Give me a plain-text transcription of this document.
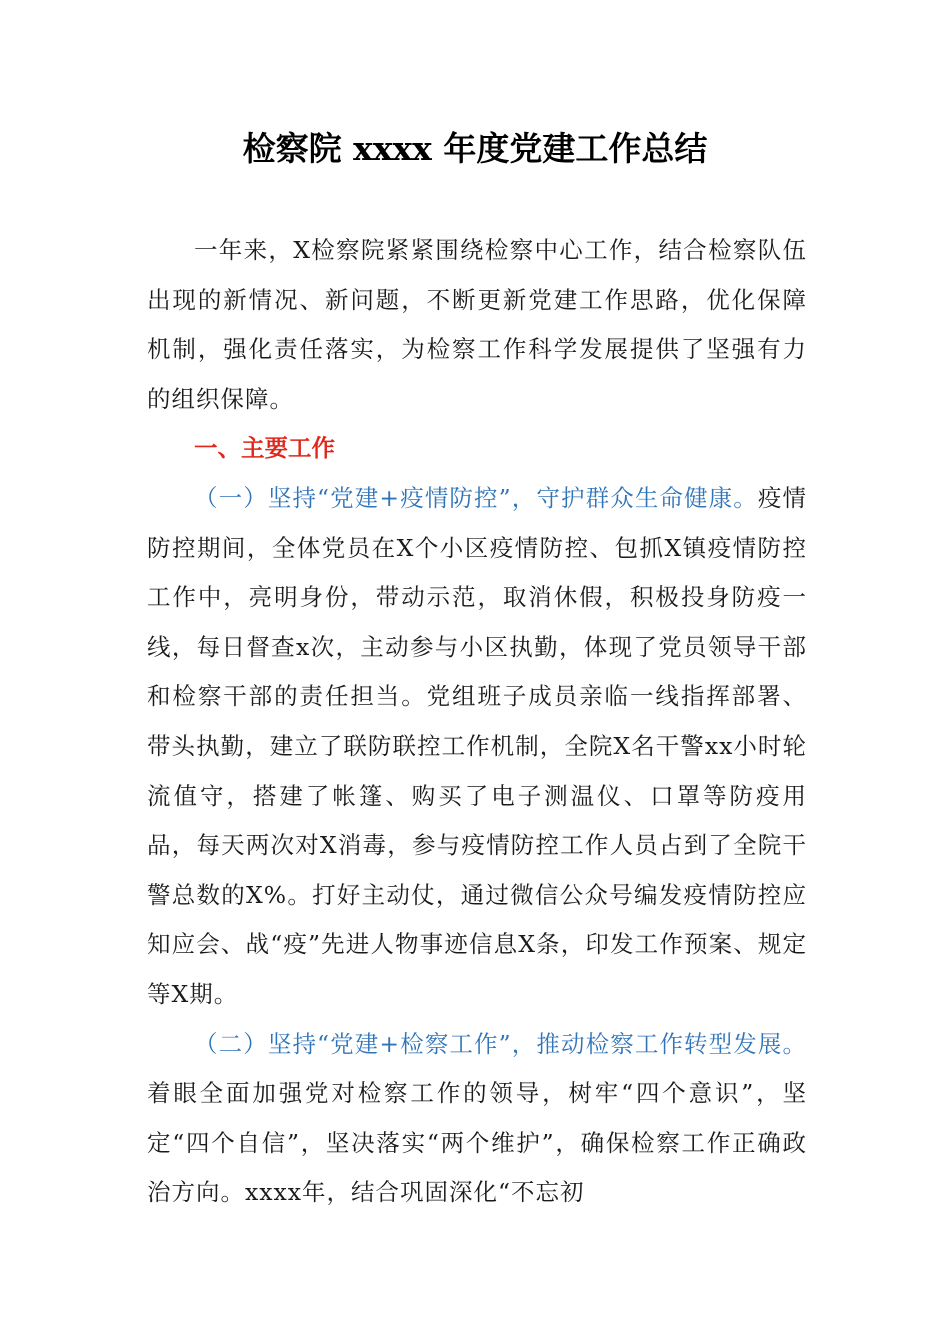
检察院 xxxx 年度党建工作总结

一年来，X检察院紧紧围绕检察中心工作，结合检察队伍出现的新情况、新问题，不断更新党建工作思路，优化保障机制，强化责任落实，为检察工作科学发展提供了坚强有力的组织保障。

一、主要工作

（一）坚持“党建+疫情防控”，守护群众生命健康。疫情防控期间，全体党员在X个小区疫情防控、包抓X镇疫情防控工作中，亮明身份，带动示范，取消休假，积极投身防疫一线，每日督查x次，主动参与小区执勤，体现了党员领导干部和检察干部的责任担当。党组班子成员亲临一线指挥部署、带头执勤，建立了联防联控工作机制，全院X名干警xx小时轮流值守，搭建了帐篷、购买了电子测温仪、口罩等防疫用品，每天两次对X消毒，参与疫情防控工作人员占到了全院干警总数的X%。打好主动仗，通过微信公众号编发疫情防控应知应会、战“疫”先进人物事迹信息X条，印发工作预案、规定等X期。

（二）坚持“党建+检察工作”，推动检察工作转型发展。着眼全面加强党对检察工作的领导，树牢“四个意识”，坚定“四个自信”，坚决落实“两个维护”，确保检察工作正确政治方向。xxxx年，结合巩固深化“不忘初
